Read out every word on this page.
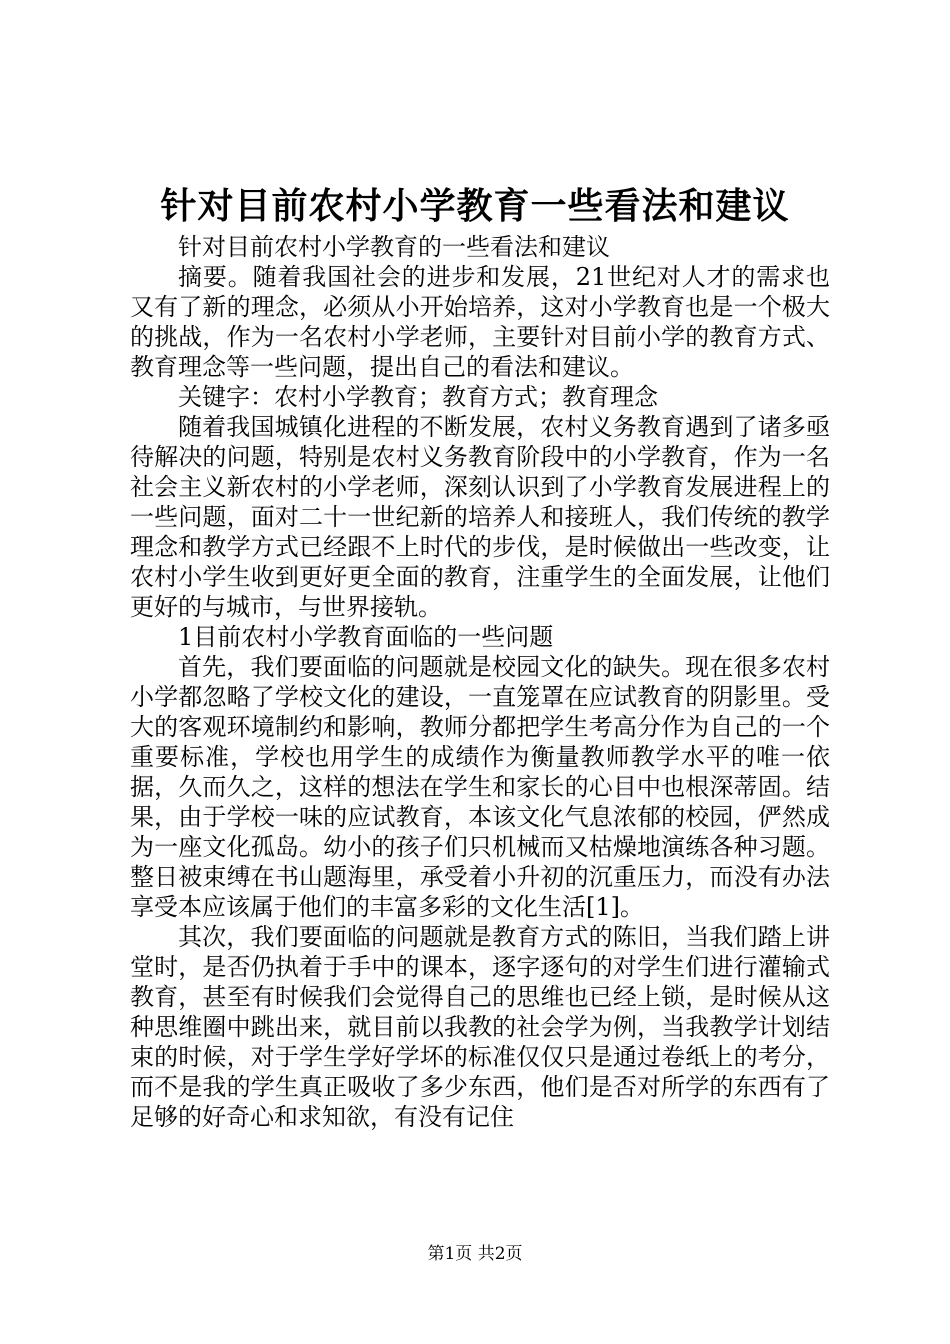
针对目前农村小学教育一些看法和建议

针对目前农村小学教育的一些看法和建议

摘要。随着我国社会的进步和发展，21世纪对人才的需求也又有了新的理念，必须从小开始培养，这对小学教育也是一个极大的挑战，作为一名农村小学老师，主要针对目前小学的教育方式、教育理念等一些问题，提出自己的看法和建议。

关键字：农村小学教育；教育方式；教育理念

随着我国城镇化进程的不断发展，农村义务教育遇到了诸多亟待解决的问题，特别是农村义务教育阶段中的小学教育，作为一名社会主义新农村的小学老师，深刻认识到了小学教育发展进程上的一些问题，面对二十一世纪新的培养人和接班人，我们传统的教学理念和教学方式已经跟不上时代的步伐，是时候做出一些改变，让农村小学生收到更好更全面的教育，注重学生的全面发展，让他们更好的与城市，与世界接轨。

1目前农村小学教育面临的一些问题

首先，我们要面临的问题就是校园文化的缺失。现在很多农村小学都忽略了学校文化的建设，一直笼罩在应试教育的阴影里。受大的客观环境制约和影响，教师分都把学生考高分作为自己的一个重要标准，学校也用学生的成绩作为衡量教师教学水平的唯一依据，久而久之，这样的想法在学生和家长的心目中也根深蒂固。结果，由于学校一味的应试教育，本该文化气息浓郁的校园，俨然成为一座文化孤岛。幼小的孩子们只机械而又枯燥地演练各种习题。整日被束缚在书山题海里，承受着小升初的沉重压力，而没有办法享受本应该属于他们的丰富多彩的文化生活[1]。

其次，我们要面临的问题就是教育方式的陈旧，当我们踏上讲堂时，是否仍执着于手中的课本，逐字逐句的对学生们进行灌输式教育，甚至有时候我们会觉得自己的思维也已经上锁，是时候从这种思维圈中跳出来，就目前以我教的社会学为例，当我教学计划结束的时候，对于学生学好学坏的标准仅仅只是通过卷纸上的考分，而不是我的学生真正吸收了多少东西，他们是否对所学的东西有了足够的好奇心和求知欲，有没有记住

第1页 共2页
